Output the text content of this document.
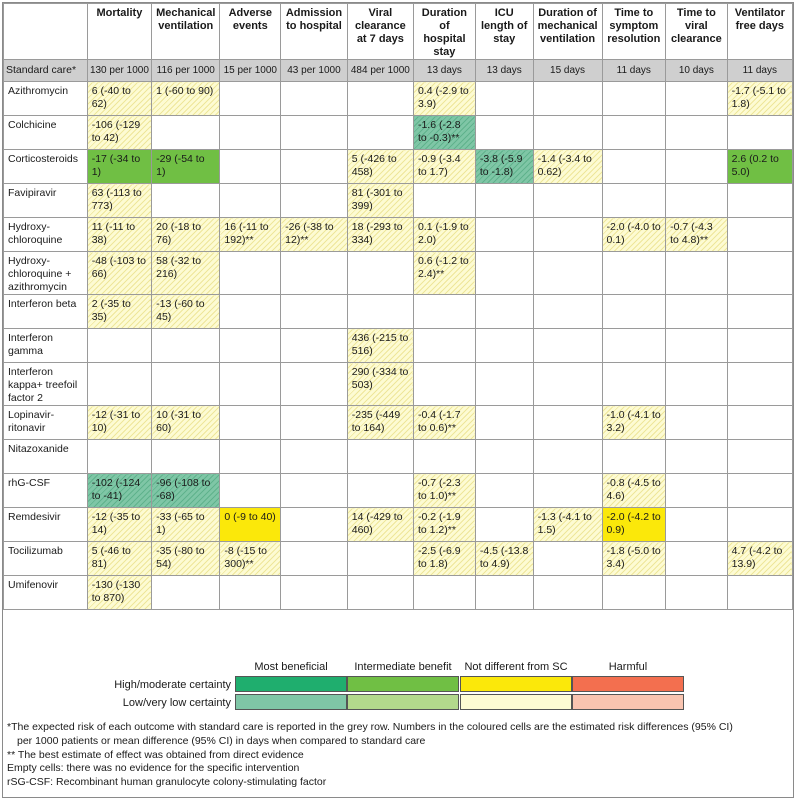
	Mortality	Mechanical ventilation	Adverse events	Admission to hospital	Viral clearance at 7 days	Duration of hospital stay	ICU length of stay	Duration of mechanical ventilation	Time to symptom resolution	Time to viral clearance	Ventilator free days
Standard care*	130 per 1000	116 per 1000	15 per 1000	43 per 1000	484 per 1000	13 days	13 days	15 days	11 days	10 days	11 days
Azithromycin	6 (-40 to 62)	1 (-60 to 90)				0.4 (-2.9 to 3.9)					-1.7 (-5.1 to 1.8)
Colchicine	-106 (-129 to 42)					-1.6 (-2.8 to -0.3)**					
Corticosteroids	-17 (-34 to 1)	-29 (-54 to 1)			5 (-426 to 458)	-0.9 (-3.4 to 1.7)	-3.8 (-5.9 to -1.8)	-1.4 (-3.4 to 0.62)			2.6 (0.2 to 5.0)
Favipiravir	63 (-113 to 773)				81 (-301 to 399)						
Hydroxy-chloroquine	11 (-11 to 38)	20 (-18 to 76)	16 (-11 to 192)**	-26 (-38 to 12)**	18 (-293 to 334)	0.1 (-1.9 to 2.0)			-2.0 (-4.0 to 0.1)	-0.7 (-4.3 to 4.8)**	
Hydroxy-chloroquine + azithromycin	-48 (-103 to 66)	58 (-32 to 216)				0.6 (-1.2 to 2.4)**					
Interferon beta	2 (-35 to 35)	-13 (-60 to 45)									
Interferon gamma					436 (-215 to 516)						
Interferon kappa+ treefoil factor 2					290 (-334 to 503)						
Lopinavir-ritonavir	-12 (-31 to 10)	10 (-31 to 60)			-235 (-449 to 164)	-0.4 (-1.7 to 0.6)**			-1.0 (-4.1 to 3.2)		
Nitazoxanide											
rhG-CSF	-102 (-124 to -41)	-96 (-108 to -68)				-0.7 (-2.3 to 1.0)**			-0.8 (-4.5 to 4.6)		
Remdesivir	-12 (-35 to 14)	-33 (-65 to 1)	0 (-9 to 40)		14 (-429 to 460)	-0.2 (-1.9 to 1.2)**		-1.3 (-4.1 to 1.5)	-2.0 (-4.2 to 0.9)		
Tocilizumab	5 (-46 to 81)	-35 (-80 to 54)	-8 (-15 to 300)**			-2.5 (-6.9 to 1.8)	-4.5 (-13.8 to 4.9)		-1.8 (-5.0 to 3.4)		4.7 (-4.2 to 13.9)
Umifenovir	-130 (-130 to 870)										
Most beneficial	Intermediate benefit	Not different from SC	Harmful
High/moderate certainty
Low/very low certainty
*The expected risk of each outcome with standard care is reported in the grey row. Numbers in the coloured cells are the estimated risk differences (95% CI)
per 1000 patients or mean difference (95% CI) in days when compared to standard care
** The best estimate of effect was obtained from direct evidence
Empty cells: there was no evidence for the specific intervention
rSG-CSF: Recombinant human granulocyte colony-stimulating factor
